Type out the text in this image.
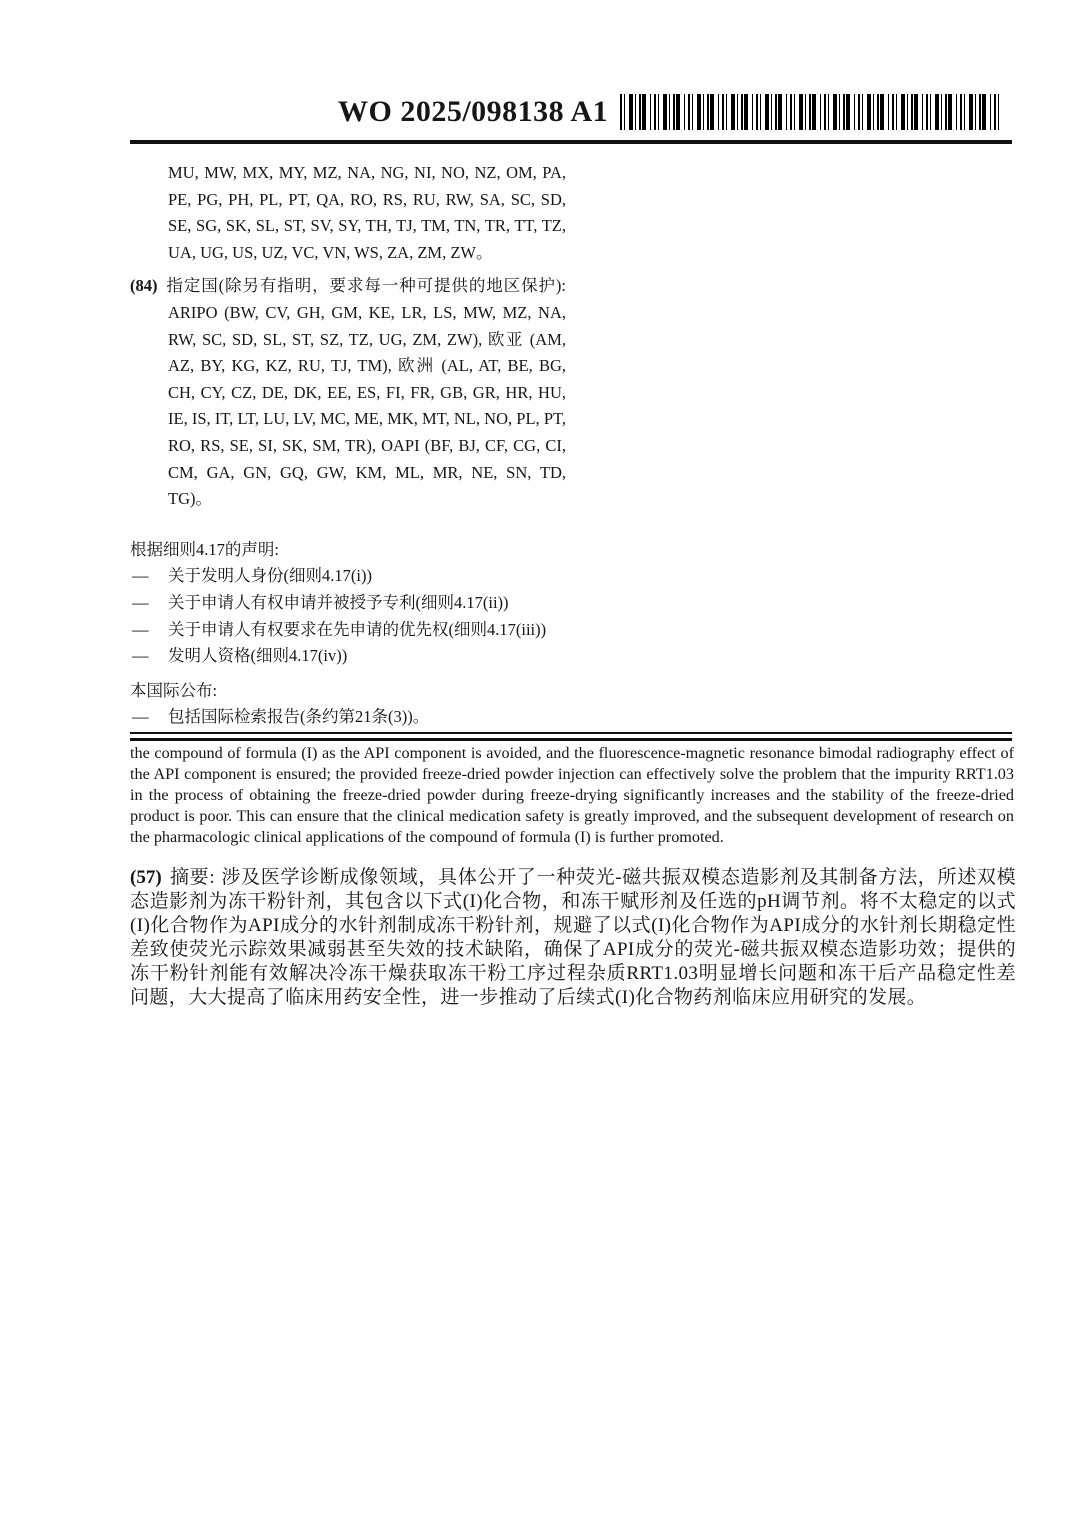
WO 2025/098138 A1

MU, MW, MX, MY, MZ, NA, NG, NI, NO, NZ, OM, PA, PE, PG, PH, PL, PT, QA, RO, RS, RU, RW, SA, SC, SD, SE, SG, SK, SL, ST, SV, SY, TH, TJ, TM, TN, TR, TT, TZ, UA, UG, US, UZ, VC, VN, WS, ZA, ZM, ZW。

(84) 指定国(除另有指明，要求每一种可提供的地区保护): ARIPO (BW, CV, GH, GM, KE, LR, LS, MW, MZ, NA, RW, SC, SD, SL, ST, SZ, TZ, UG, ZM, ZW), 欧亚 (AM, AZ, BY, KG, KZ, RU, TJ, TM), 欧洲 (AL, AT, BE, BG, CH, CY, CZ, DE, DK, EE, ES, FI, FR, GB, GR, HR, HU, IE, IS, IT, LT, LU, LV, MC, ME, MK, MT, NL, NO, PL, PT, RO, RS, SE, SI, SK, SM, TR), OAPI (BF, BJ, CF, CG, CI, CM, GA, GN, GQ, GW, KM, ML, MR, NE, SN, TD, TG)。

根据细则4.17的声明:

— 关于发明人身份(细则4.17(i))
— 关于申请人有权申请并被授予专利(细则4.17(ii))
— 关于申请人有权要求在先申请的优先权(细则4.17(iii))
— 发明人资格(细则4.17(iv))

本国际公布:

— 包括国际检索报告(条约第21条(3))。

the compound of formula (I) as the API component is avoided, and the fluorescence-magnetic resonance bimodal radiography effect of the API component is ensured; the provided freeze-dried powder injection can effectively solve the problem that the impurity RRT1.03 in the process of obtaining the freeze-dried powder during freeze-drying significantly increases and the stability of the freeze-dried product is poor. This can ensure that the clinical medication safety is greatly improved, and the subsequent development of research on the pharmacologic clinical applications of the compound of formula (I) is further promoted.

(57) 摘要: 涉及医学诊断成像领域，具体公开了一种荧光-磁共振双模态造影剂及其制备方法，所述双模态造影剂为冻干粉针剂，其包含以下式(I)化合物，和冻干赋形剂及任选的pH调节剂。将不太稳定的以式(I)化合物作为API成分的水针剂制成冻干粉针剂，规避了以式(I)化合物作为API成分的水针剂长期稳定性差致使荧光示踪效果减弱甚至失效的技术缺陷，确保了API成分的荧光-磁共振双模态造影功效；提供的冻干粉针剂能有效解决冷冻干燥获取冻干粉工序过程杂质RRT1.03明显增长问题和冻干后产品稳定性差问题，大大提高了临床用药安全性，进一步推动了后续式(I)化合物药剂临床应用研究的发展。
